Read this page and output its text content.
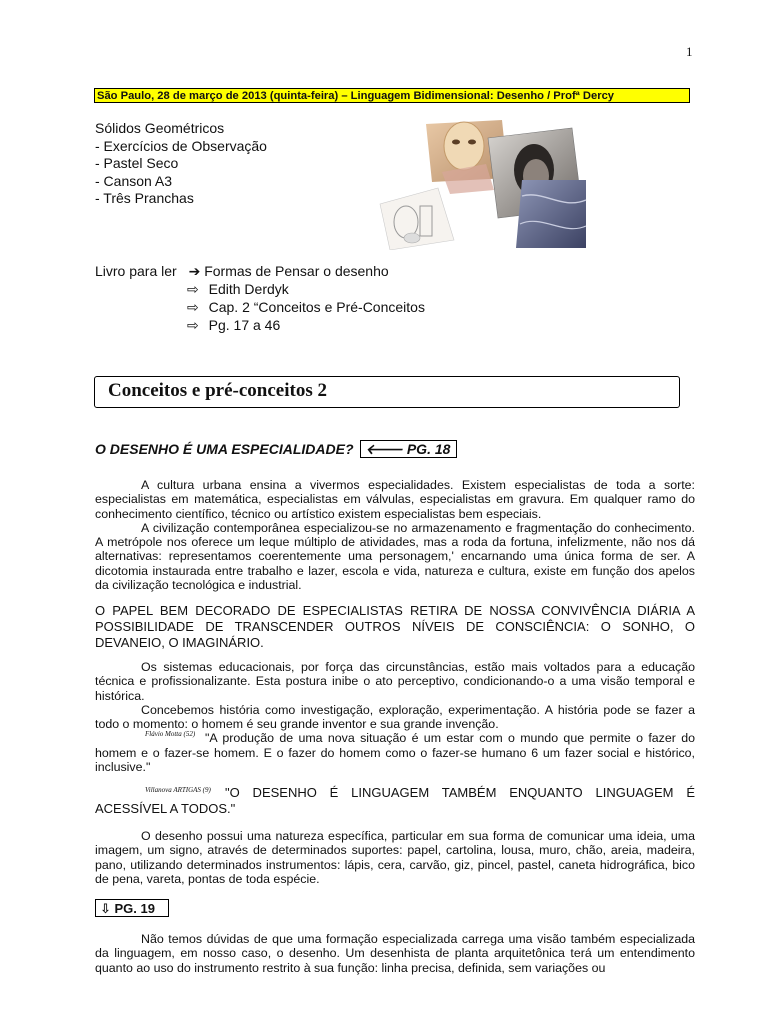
1
São Paulo, 28 de março de 2013 (quinta-feira) – Linguagem Bidimensional: Desenho / Profª Dercy
Sólidos Geométricos
- Exercícios de Observação
- Pastel Seco
- Canson A3
- Três Pranchas
Livro para ler ➔ Formas de Pensar o desenho
⇨ Edith Derdyk
⇨ Cap. 2 “Conceitos e Pré-Conceitos
⇨ Pg. 17 a 46
Conceitos e pré-conceitos 2
O DESENHO É UMA ESPECIALIDADE? 🡐 PG. 18

A cultura urbana ensina a vivermos especialidades. Existem especialistas de toda a sorte: especialistas em matemática, especialistas em válvulas, especialistas em gravura. Em qualquer ramo do conhecimento científico, técnico ou artístico existem especialistas bem especiais.

A civilização contemporânea especializou-se no armazenamento e fragmentação do conhecimento. A metrópole nos oferece um leque múltiplo de atividades, mas a roda da fortuna, infelizmente, não nos dá alternativas: representamos coerentemente uma personagem,' encarnando uma única forma de ser. A dicotomia instaurada entre trabalho e lazer, escola e vida, natureza e cultura, existe em função dos apelos da civilização tecnológica e industrial.

O PAPEL BEM DECORADO DE ESPECIALISTAS RETIRA DE NOSSA CONVIVÊNCIA DIÁRIA A POSSIBILIDADE DE TRANSCENDER OUTROS NÍVEIS DE CONSCIÊNCIA: O SONHO, O DEVANEIO, O IMAGINÁRIO.

Os sistemas educacionais, por força das circunstâncias, estão mais voltados para a educação técnica e profissionalizante. Esta postura inibe o ato perceptivo, condicionando-o a uma visão temporal e histórica.

Concebemos história como investigação, exploração, experimentação. A história pode se fazer a todo o momento: o homem é seu grande inventor e sua grande invenção.

Flávio Motta (52) "A produção de uma nova situação é um estar com o mundo que permite o fazer do homem e o fazer-se homem. E o fazer do homem como o fazer-se humano 6 um fazer social e histórico, inclusive."

Villanova ARTIGAS (9)	"O DESENHO É LINGUAGEM TAMBÉM ENQUANTO LINGUAGEM É ACESSÍVEL A TODOS."

O desenho possui uma natureza específica, particular em sua forma de comunicar uma ideia, uma imagem, um signo, através de determinados suportes: papel, cartolina, lousa, muro, chão, areia, madeira, pano, utilizando determinados instrumentos: lápis, cera, carvão, giz, pincel, pastel, caneta hidrográfica, bico de pena, vareta, pontas de toda espécie.

⇩ PG. 19

Não temos dúvidas de que uma formação especializada carrega uma visão também especializada da linguagem, em nosso caso, o desenho. Um desenhista de planta arquitetônica terá um entendimento quanto ao uso do instrumento restrito à sua função: linha precisa, definida, sem variações ou
